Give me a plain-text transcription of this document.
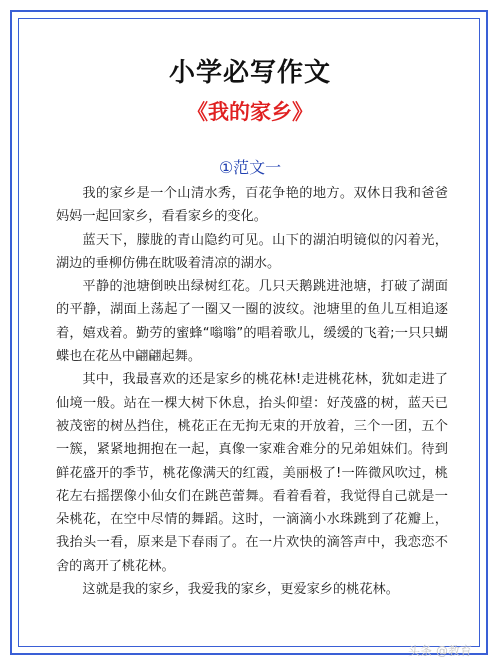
小学必写作文
《我的家乡》
①范文一

我的家乡是一个山清水秀，百花争艳的地方。双休日我和爸爸妈妈一起回家乡，看看家乡的变化。

蓝天下，朦胧的青山隐约可见。山下的湖泊明镜似的闪着光，湖边的垂柳仿佛在眈吸着清凉的湖水。

平静的池塘倒映出绿树红花。几只天鹅跳进池塘，打破了湖面的平静，湖面上荡起了一圈又一圈的波纹。池塘里的鱼儿互相追逐着，嬉戏着。勤劳的蜜蜂“嗡嗡”的唱着歌儿，缓缓的飞着;一只只蝴蝶也在花丛中翩翩起舞。

其中，我最喜欢的还是家乡的桃花林!走进桃花林，犹如走进了仙境一般。站在一棵大树下休息，抬头仰望：好茂盛的树，蓝天已被茂密的树丛挡住，桃花正在无拘无束的开放着，三个一团，五个一簇，紧紧地拥抱在一起，真像一家难舍难分的兄弟姐妹们。待到鲜花盛开的季节，桃花像满天的红霞，美丽极了!一阵微风吹过，桃花左右摇摆像小仙女们在跳芭蕾舞。看着看着，我觉得自己就是一朵桃花，在空中尽情的舞蹈。这时，一滴滴小水珠跳到了花瓣上，我抬头一看，原来是下春雨了。在一片欢快的滴答声中，我恋恋不舍的离开了桃花林。

这就是我的家乡，我爱我的家乡，更爱家乡的桃花林。

头条 @教育
